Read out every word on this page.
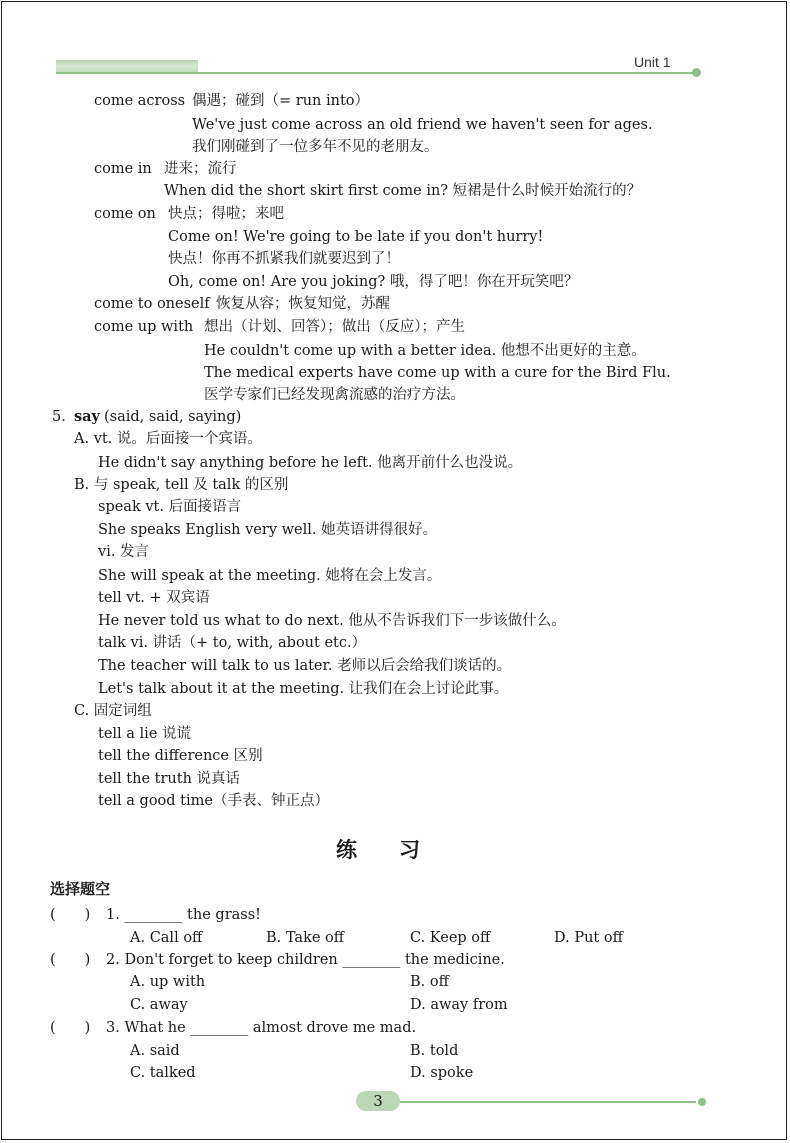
Unit 1
come across 偶遇；碰到（= run into）
We've just come across an old friend we haven't seen for ages.
我们刚碰到了一位多年不见的老朋友。
come in 进来；流行
When did the short skirt first come in? 短裙是什么时候开始流行的？
come on 快点；得啦；来吧
Come on! We're going to be late if you don't hurry!
快点！你再不抓紧我们就要迟到了！
Oh, come on! Are you joking? 哦，得了吧！你在开玩笑吧？
come to oneself 恢复从容；恢复知觉，苏醒
come up with 想出（计划、回答）；做出（反应）；产生
He couldn't come up with a better idea. 他想不出更好的主意。
The medical experts have come up with a cure for the Bird Flu.
医学专家们已经发现禽流感的治疗方法。
5. say (said, said, saying)
A. vt. 说。后面接一个宾语。
He didn't say anything before he left. 他离开前什么也没说。
B. 与 speak, tell 及 talk 的区别
speak vt. 后面接语言
She speaks English very well. 她英语讲得很好。
vi. 发言
She will speak at the meeting. 她将在会上发言。
tell vt. + 双宾语
He never told us what to do next. 他从不告诉我们下一步该做什么。
talk vi. 讲话（+ to, with, about etc.）
The teacher will talk to us later. 老师以后会给我们谈话的。
Let's talk about it at the meeting. 让我们在会上讨论此事。
C. 固定词组
tell a lie 说谎
tell the difference 区别
tell the truth 说真话
tell a good time（手表、钟正点）
练　　习
选择题空
(　　) 1. ________ the grass!
A. Call off	B. Take off	C. Keep off	D. Put off
(　　) 2. Don't forget to keep children ________ the medicine.
A. up with	B. off
C. away	D. away from
(　　) 3. What he ________ almost drove me mad.
A. said	B. told
C. talked	D. spoke
3
